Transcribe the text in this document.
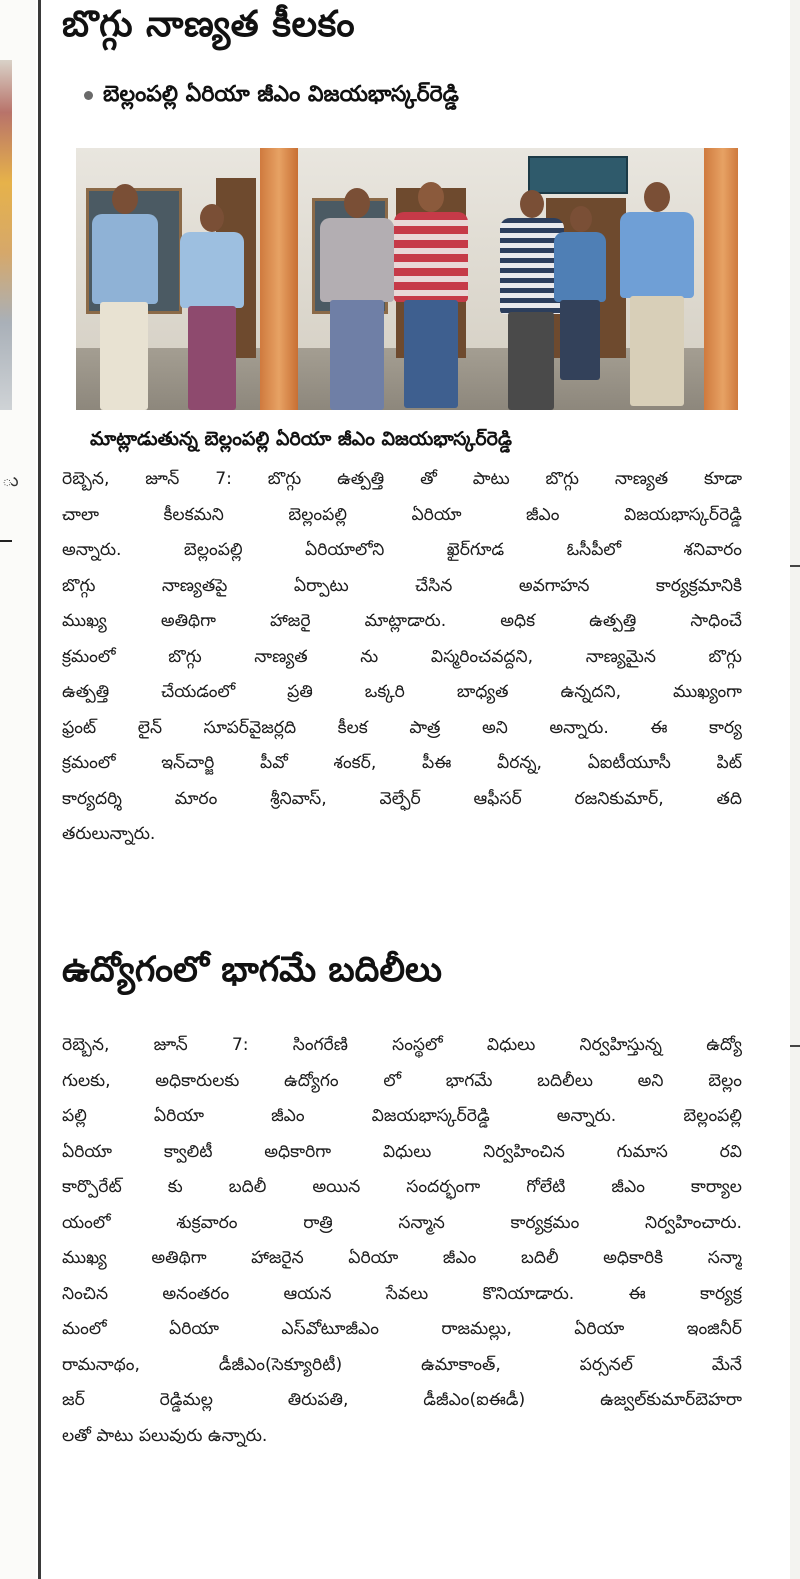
ు
బొగ్గు నాణ్యత కీలకం
బెల్లంపల్లి ఏరియా జీఎం విజయభాస్కర్‌రెడ్డి
మాట్లాడుతున్న బెల్లంపల్లి ఏరియా జీఎం విజయభాస్కర్‌రెడ్డి
రెబ్బెన, జూన్ 7: బొగ్గు ఉత్పత్తి తో పాటు బొగ్గు నాణ్యత కూడా
చాలా కీలకమని బెల్లంపల్లి ఏరియా జీఎం విజయభాస్కర్‌రెడ్డి
అన్నారు. బెల్లంపల్లి ఏరియాలోని ఖైర్‌గూడ ఓసీపీలో శనివారం
బొగ్గు నాణ్యతపై ఏర్పాటు చేసిన అవగాహన కార్యక్రమానికి
ముఖ్య అతిథిగా హాజరై మాట్లాడారు. అధిక ఉత్పత్తి సాధించే
క్రమంలో బొగ్గు నాణ్యత ను విస్మరించవద్దని, నాణ్యమైన బొగ్గు
ఉత్పత్తి చేయడంలో ప్రతి ఒక్కరి బాధ్యత ఉన్నదని, ముఖ్యంగా
ఫ్రంట్ లైన్ సూపర్‌వైజర్లది కీలక పాత్ర అని అన్నారు. ఈ కార్య
క్రమంలో ఇన్‌చార్జి పీవో శంకర్, పీఈ వీరన్న, ఏఐటీయూసీ పిట్
కార్యదర్శి మారం శ్రీనివాస్, వెల్ఫేర్ ఆఫీసర్ రజనికుమార్, తది
తరులున్నారు.
ఉద్యోగంలో భాగమే బదిలీలు
రెబ్బెన, జూన్ 7: సింగరేణి సంస్థలో విధులు నిర్వహిస్తున్న ఉద్యో
గులకు, అధికారులకు ఉద్యోగం లో భాగమే బదిలీలు అని బెల్లం
పల్లి ఏరియా జీఎం విజయభాస్కర్‌రెడ్డి అన్నారు. బెల్లంపల్లి
ఏరియా క్వాలిటీ అధికారిగా విధులు నిర్వహించిన గుమాస రవి
కార్పొరేట్ కు బదిలీ అయిన సందర్భంగా గోలేటి జీఎం కార్యాల
యంలో శుక్రవారం రాత్రి సన్మాన కార్యక్రమం నిర్వహించారు.
ముఖ్య అతిథిగా హాజరైన ఏరియా జీఎం బదిలీ అధికారికి సన్మా
నించిన అనంతరం ఆయన సేవలు కొనియాడారు. ఈ కార్యక్ర
మంలో ఏరియా ఎస్‌వోటూజీఎం రాజమల్లు, ఏరియా ఇంజినీర్
రామనాథం, డీజీఎం(సెక్యూరిటీ) ఉమాకాంత్, పర్సనల్ మేనే
జర్ రెడ్డిమల్ల తిరుపతి, డీజీఎం(ఐఈడీ) ఉజ్వల్‌కుమార్‌బెహరా
లతో పాటు పలువురు ఉన్నారు.
